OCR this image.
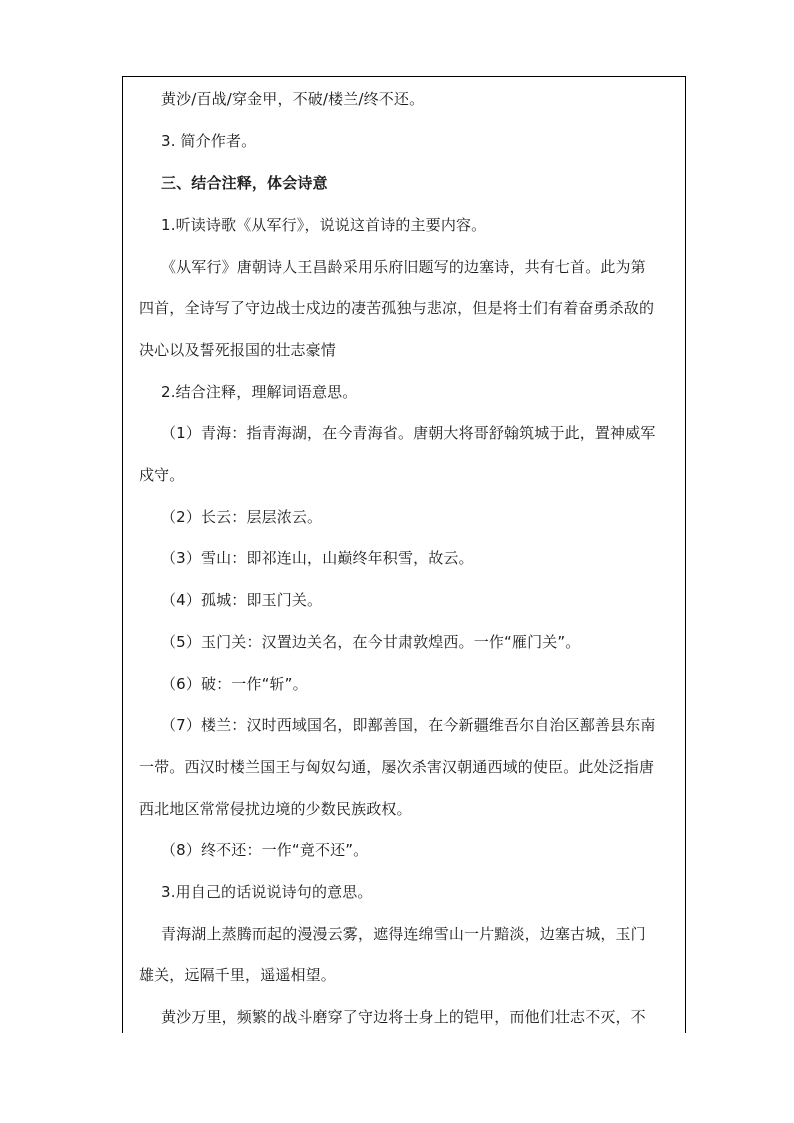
黄沙/百战/穿金甲，不破/楼兰/终不还。
3. 简介作者。
三、结合注释，体会诗意
1.听读诗歌《从军行》，说说这首诗的主要内容。
《从军行》唐朝诗人王昌龄采用乐府旧题写的边塞诗，共有七首。此为第
四首，全诗写了守边战士戍边的凄苦孤独与悲凉，但是将士们有着奋勇杀敌的
决心以及誓死报国的壮志豪情
2.结合注释，理解词语意思。
（1）青海：指青海湖，在今青海省。唐朝大将哥舒翰筑城于此，置神威军
戍守。
（2）长云：层层浓云。
（3）雪山：即祁连山，山巅终年积雪，故云。
（4）孤城：即玉门关。
（5）玉门关：汉置边关名，在今甘肃敦煌西。一作“雁门关”。
（6）破：一作“斩”。
（7）楼兰：汉时西域国名，即鄯善国，在今新疆维吾尔自治区鄯善县东南
一带。西汉时楼兰国王与匈奴勾通，屡次杀害汉朝通西域的使臣。此处泛指唐
西北地区常常侵扰边境的少数民族政权。
（8）终不还：一作“竟不还”。
3.用自己的话说说诗句的意思。
青海湖上蒸腾而起的漫漫云雾，遮得连绵雪山一片黯淡，边塞古城，玉门
雄关，远隔千里，遥遥相望。
黄沙万里，频繁的战斗磨穿了守边将士身上的铠甲，而他们壮志不灭，不
